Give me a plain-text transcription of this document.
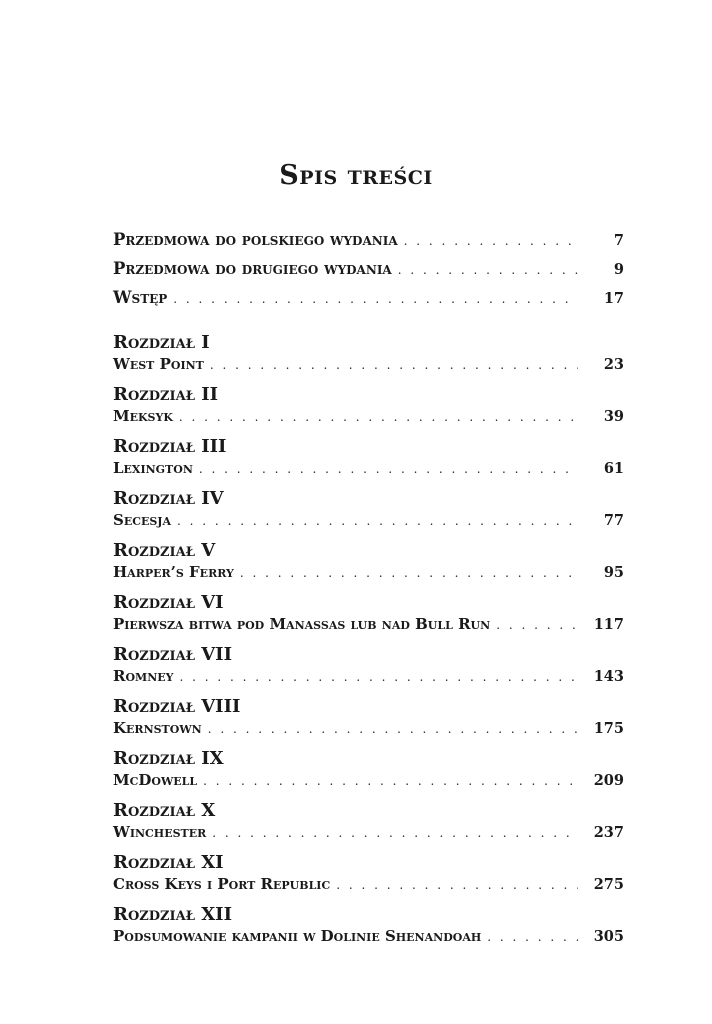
Spis treści
Przedmowa do polskiego wydania . . .	7
Przedmowa do drugiego wydania . . .	9
Wstęp . . .	17
Rozdział I
West Point . . .	23
Rozdział II
Meksyk . . .	39
Rozdział III
Lexington . . .	61
Rozdział IV
Secesja . . .	77
Rozdział V
Harper’s Ferry . . .	95
Rozdział VI
Pierwsza bitwa pod Manassas lub nad Bull Run . . .	117
Rozdział VII
Romney . . .	143
Rozdział VIII
Kernstown . . .	175
Rozdział IX
McDowell . . .	209
Rozdział X
Winchester . . .	237
Rozdział XI
Cross Keys i Port Republic . . .	275
Rozdział XII
Podsumowanie kampanii w Dolinie Shenandoah . . .	305
